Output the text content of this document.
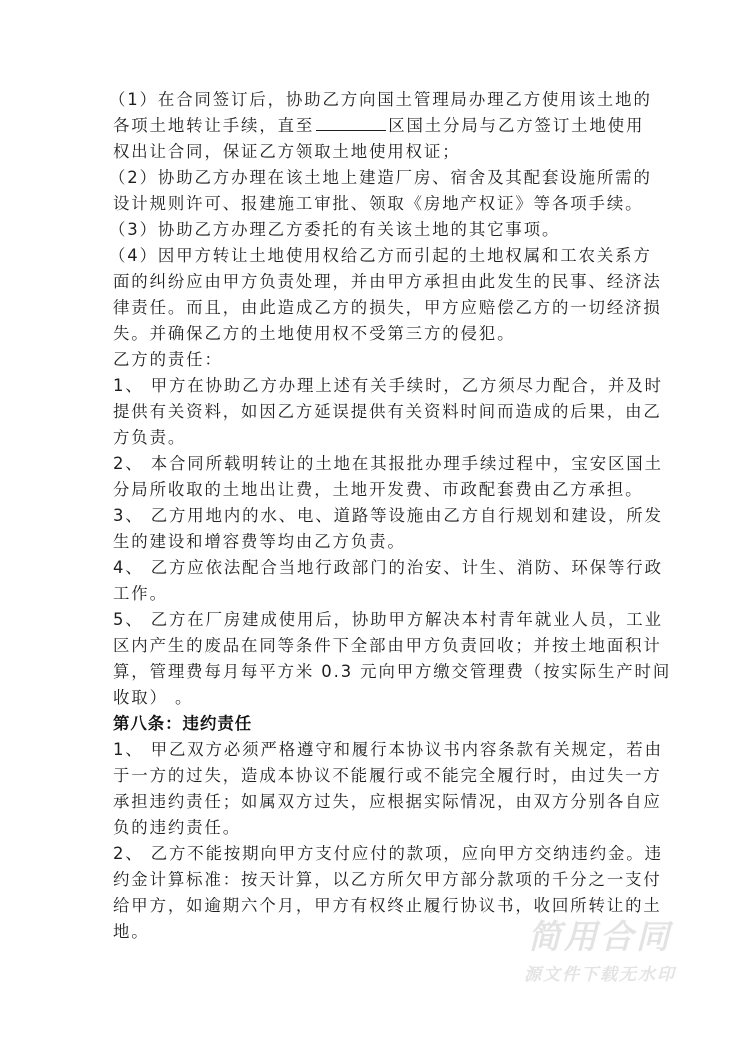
（1）在合同签订后，协助乙方向国土管理局办理乙方使用该土地的
各项土地转让手续，直至	区国土分局与乙方签订土地使用
权出让合同，保证乙方领取土地使用权证；
（2）协助乙方办理在该土地上建造厂房、宿舍及其配套设施所需的
设计规则许可、报建施工审批、领取《房地产权证》等各项手续。
（3）协助乙方办理乙方委托的有关该土地的其它事项。
（4）因甲方转让土地使用权给乙方而引起的土地权属和工农关系方
面的纠纷应由甲方负责处理，并由甲方承担由此发生的民事、经济法
律责任。而且，由此造成乙方的损失，甲方应赔偿乙方的一切经济损
失。并确保乙方的土地使用权不受第三方的侵犯。
乙方的责任：
1、 甲方在协助乙方办理上述有关手续时，乙方须尽力配合，并及时
提供有关资料，如因乙方延误提供有关资料时间而造成的后果，由乙
方负责。
2、 本合同所载明转让的土地在其报批办理手续过程中，宝安区国土
分局所收取的土地出让费，土地开发费、市政配套费由乙方承担。
3、 乙方用地内的水、电、道路等设施由乙方自行规划和建设，所发
生的建设和增容费等均由乙方负责。
4、 乙方应依法配合当地行政部门的治安、计生、消防、环保等行政
工作。
5、 乙方在厂房建成使用后，协助甲方解决本村青年就业人员，工业
区内产生的废品在同等条件下全部由甲方负责回收；并按土地面积计
算，管理费每月每平方米 0.3 元向甲方缴交管理费（按实际生产时间
收取） 。
第八条：违约责任
1、 甲乙双方必须严格遵守和履行本协议书内容条款有关规定，若由
于一方的过失，造成本协议不能履行或不能完全履行时，由过失一方
承担违约责任；如属双方过失，应根据实际情况，由双方分别各自应
负的违约责任。
2、 乙方不能按期向甲方支付应付的款项，应向甲方交纳违约金。违
约金计算标准：按天计算，以乙方所欠甲方部分款项的千分之一支付
给甲方，如逾期六个月，甲方有权终止履行协议书，收回所转让的土
地。	简用合同
源文件下载无水印
